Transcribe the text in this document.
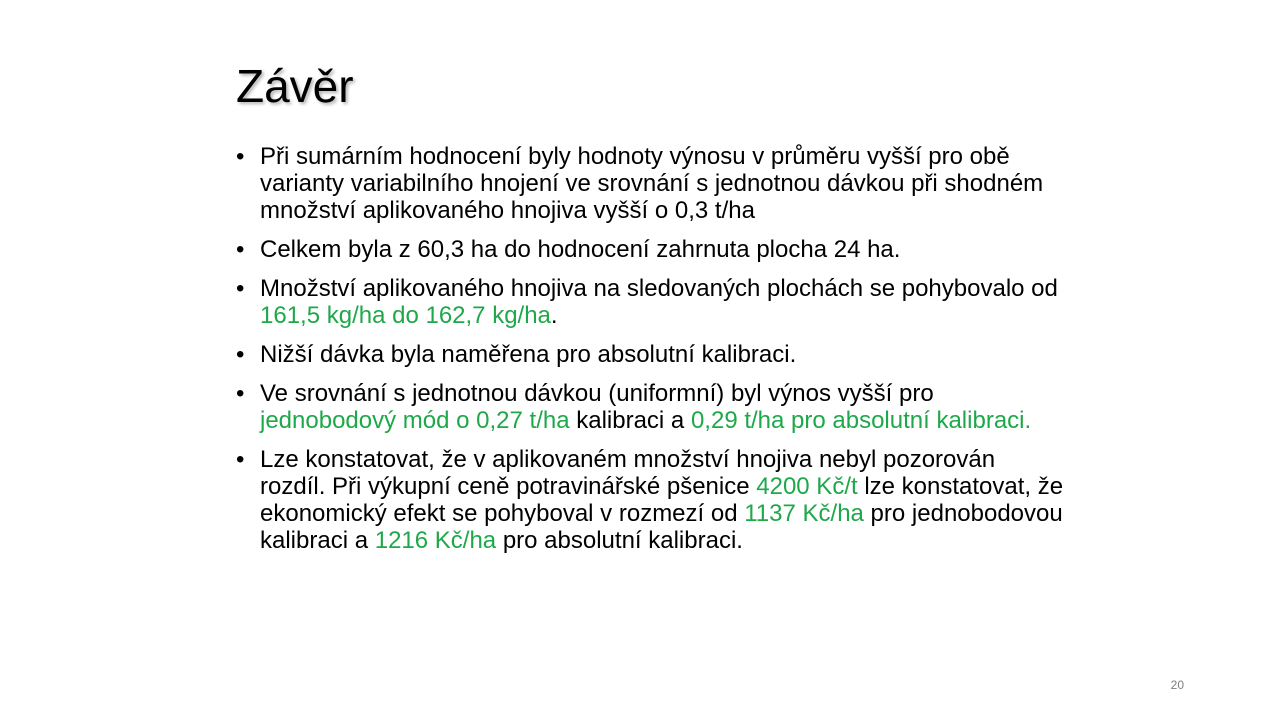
Závěr
• Při sumárním hodnocení byly hodnoty výnosu v průměru vyšší pro obě varianty variabilního hnojení ve srovnání s jednotnou dávkou při shodném množství aplikovaného hnojiva vyšší o 0,3 t/ha
• Celkem byla z 60,3 ha do hodnocení zahrnuta plocha 24 ha.
• Množství aplikovaného hnojiva na sledovaných plochách se pohybovalo od 161,5 kg/ha do 162,7 kg/ha.
• Nižší dávka byla naměřena pro absolutní kalibraci.
• Ve srovnání s jednotnou dávkou (uniformní) byl výnos vyšší pro jednobodový mód o 0,27 t/ha kalibraci a 0,29 t/ha pro absolutní kalibraci.
• Lze konstatovat, že v aplikovaném množství hnojiva nebyl pozorován rozdíl. Při výkupní ceně potravinářské pšenice 4200 Kč/t lze konstatovat, že ekonomický efekt se pohyboval v rozmezí od 1137 Kč/ha pro jednobodovou kalibraci a 1216 Kč/ha pro absolutní kalibraci.
20
